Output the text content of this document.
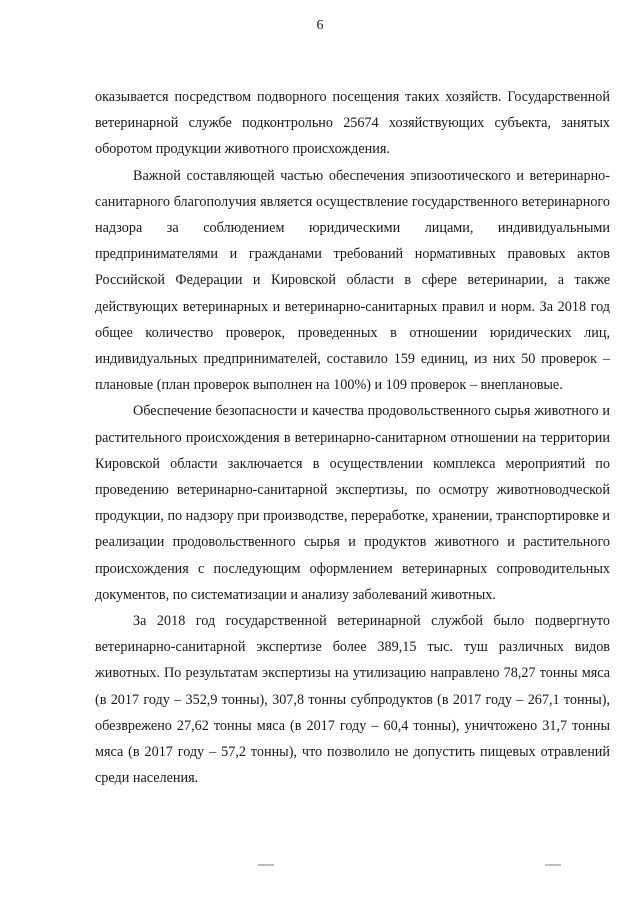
6

оказывается посредством подворного посещения таких хозяйств. Государственной ветеринарной службе подконтрольно 25674 хозяйствующих субъекта, занятых оборотом продукции животного происхождения.

Важной составляющей частью обеспечения эпизоотического и ветеринарно-санитарного благополучия является осуществление государственного ветеринарного надзора за соблюдением юридическими лицами, индивидуальными предпринимателями и гражданами требований нормативных правовых актов Российской Федерации и Кировской области в сфере ветеринарии, а также действующих ветеринарных и ветеринарно-санитарных правил и норм. За 2018 год общее количество проверок, проведенных в отношении юридических лиц, индивидуальных предпринимателей, составило 159 единиц, из них 50 проверок – плановые (план проверок выполнен на 100%) и 109 проверок – внеплановые.

Обеспечение безопасности и качества продовольственного сырья животного и растительного происхождения в ветеринарно-санитарном отношении на территории Кировской области заключается в осуществлении комплекса мероприятий по проведению ветеринарно-санитарной экспертизы, по осмотру животноводческой продукции, по надзору при производстве, переработке, хранении, транспортировке и реализации продовольственного сырья и продуктов животного и растительного происхождения с последующим оформлением ветеринарных сопроводительных документов, по систематизации и анализу заболеваний животных.

За 2018 год государственной ветеринарной службой было подвергнуто ветеринарно-санитарной экспертизе более 389,15 тыс. туш различных видов животных. По результатам экспертизы на утилизацию направлено 78,27 тонны мяса (в 2017 году – 352,9 тонны), 307,8 тонны субпродуктов (в 2017 году – 267,1 тонны), обезврежено 27,62 тонны мяса (в 2017 году – 60,4 тонны), уничтожено 31,7 тонны мяса (в 2017 году – 57,2 тонны), что позволило не допустить пищевых отравлений среди населения.
